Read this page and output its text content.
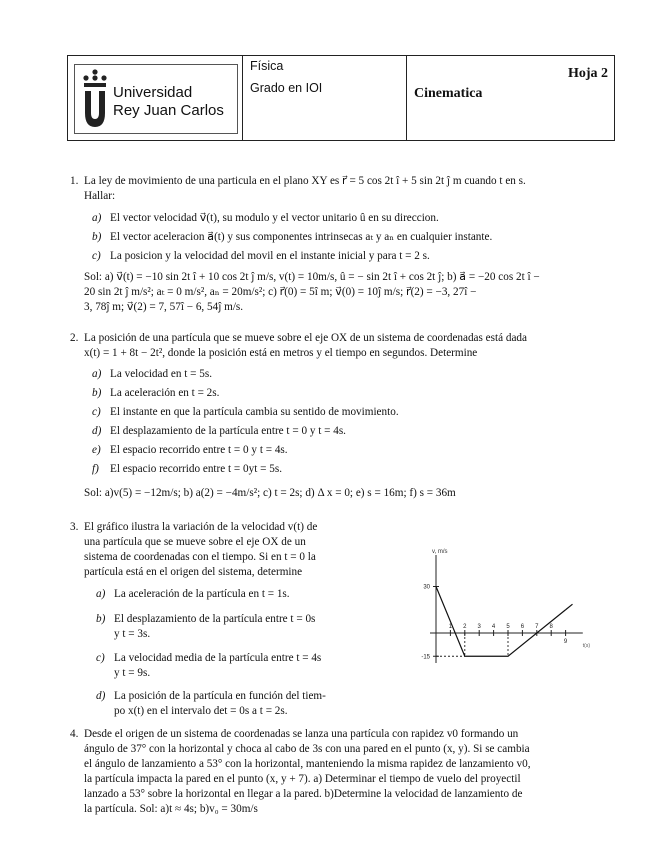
Universidad
Rey Juan Carlos
Física
Grado en IOI	Cinematica
Hoja 2
1. La ley de movimiento de una particula en el plano XY es r⃗ = 5 cos 2t î + 5 sin 2t ĵ m cuando t en s.
Hallar:
a) El vector velocidad v⃗(t), su modulo y el vector unitario û en su direccion.
b) El vector aceleracion a⃗(t) y sus componentes intrinsecas aₜ y aₙ en cualquier instante.
c) La posicion y la velocidad del movil en el instante inicial y para t = 2 s.
Sol: a) v⃗(t) = −10 sin 2t î + 10 cos 2t ĵ m/s, v(t) = 10m/s, û = − sin 2t î + cos 2t ĵ; b) a⃗ = −20 cos 2t î −
20 sin 2t ĵ m/s²; aₜ = 0 m/s², aₙ = 20m/s²; c) r⃗(0) = 5î m; v⃗(0) = 10ĵ m/s; r⃗(2) = −3, 27î −
3, 78ĵ m; v⃗(2) = 7, 57î − 6, 54ĵ m/s.
2. La posición de una partícula que se mueve sobre el eje OX de un sistema de coordenadas está dada
x(t) = 1 + 8t − 2t², donde la posición está en metros y el tiempo en segundos. Determine
a) La velocidad en t = 5s.
b) La aceleración en t = 2s.
c) El instante en que la partícula cambia su sentido de movimiento.
d) El desplazamiento de la partícula entre t = 0 y t = 4s.
e) El espacio recorrido entre t = 0 y t = 4s.
f) El espacio recorrido entre t = 0yt = 5s.
Sol: a)v(5) = −12m/s; b) a(2) = −4m/s²; c) t = 2s; d) Δ x = 0; e) s = 16m; f) s = 36m
3. El gráfico ilustra la variación de la velocidad v(t) de
una partícula que se mueve sobre el eje OX de un
sistema de coordenadas con el tiempo. Si en t = 0 la
partícula está en el origen del sistema, determine
a) La aceleración de la partícula en t = 1s.
b) El desplazamiento de la partícula entre t = 0s
y t = 3s.
c) La velocidad media de la partícula entre t = 4s
y t = 9s.
d) La posición de la partícula en función del tiem-
po x(t) en el intervalo det = 0s a t = 2s.
v, m/s
t(s)
30
-15
1 2 3 4 5 6 7 8
9
4. Desde el origen de un sistema de coordenadas se lanza una partícula con rapidez v0 formando un
ángulo de 37° con la horizontal y choca al cabo de 3s con una pared en el punto (x, y). Si se cambia
el ángulo de lanzamiento a 53° con la horizontal, manteniendo la misma rapidez de lanzamiento v0,
la partícula impacta la pared en el punto (x, y + 7). a) Determinar el tiempo de vuelo del proyectil
lanzado a 53° sobre la horizontal en llegar a la pared. b)Determine la velocidad de lanzamiento de
la partícula. Sol: a)t ≈ 4s; b)v₀ = 30m/s
